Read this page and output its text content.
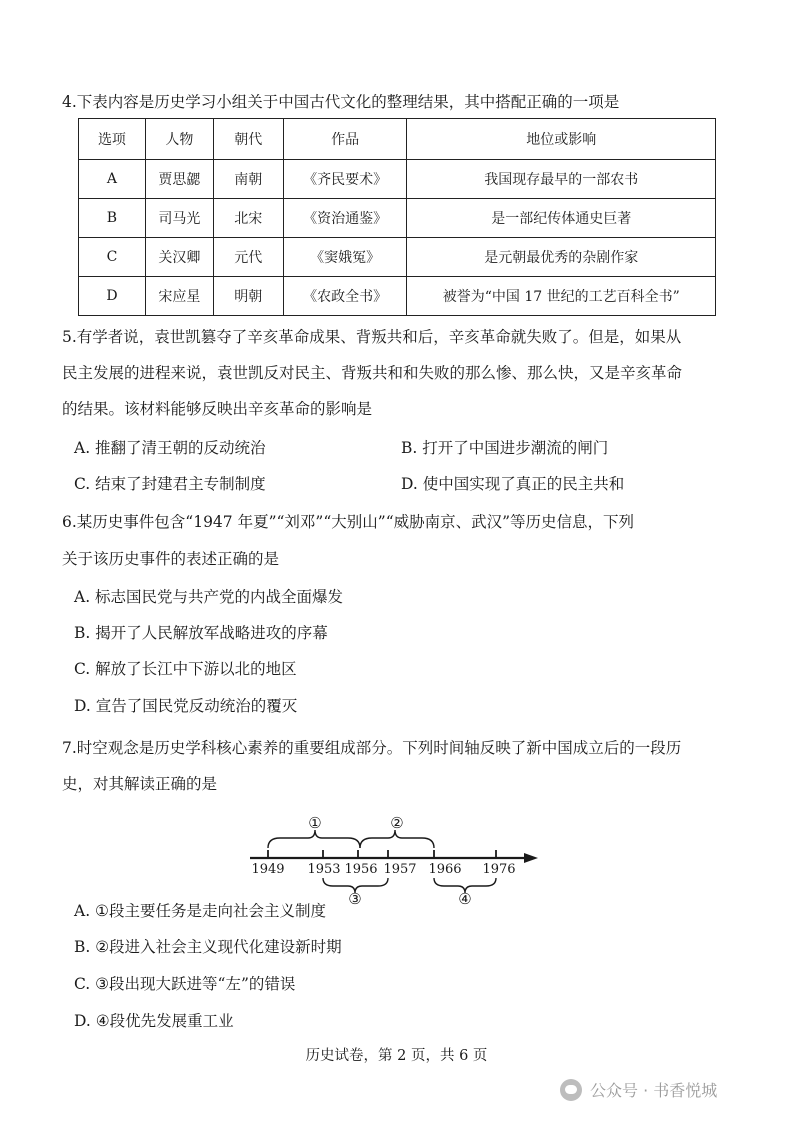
4.下表内容是历史学习小组关于中国古代文化的整理结果，其中搭配正确的一项是
选项	人物	朝代	作品	地位或影响
A	贾思勰	南朝	《齐民要术》	我国现存最早的一部农书
B	司马光	北宋	《资治通鉴》	是一部纪传体通史巨著
C	关汉卿	元代	《窦娥冤》	是元朝最优秀的杂剧作家
D	宋应星	明朝	《农政全书》	被誉为“中国 17 世纪的工艺百科全书”
5.有学者说，袁世凯篡夺了辛亥革命成果、背叛共和后，辛亥革命就失败了。但是，如果从
民主发展的进程来说，袁世凯反对民主、背叛共和和失败的那么惨、那么快，又是辛亥革命
的结果。该材料能够反映出辛亥革命的影响是
A. 推翻了清王朝的反动统治	B. 打开了中国进步潮流的闸门
C. 结束了封建君主专制制度	D. 使中国实现了真正的民主共和
6.某历史事件包含“1947 年夏”“刘邓”“大别山”“威胁南京、武汉”等历史信息，下列
关于该历史事件的表述正确的是
A. 标志国民党与共产党的内战全面爆发
B. 揭开了人民解放军战略进攻的序幕
C. 解放了长江中下游以北的地区
D. 宣告了国民党反动统治的覆灭
7.时空观念是历史学科核心素养的重要组成部分。下列时间轴反映了新中国成立后的一段历
史，对其解读正确的是
①	②
③	④
1949 1953 1956 1957 1966 1976
A. ①段主要任务是走向社会主义制度
B. ②段进入社会主义现代化建设新时期
C. ③段出现大跃进等“左”的错误
D. ④段优先发展重工业
历史试卷，第 2 页，共 6 页
公众号 · 书香悦城
